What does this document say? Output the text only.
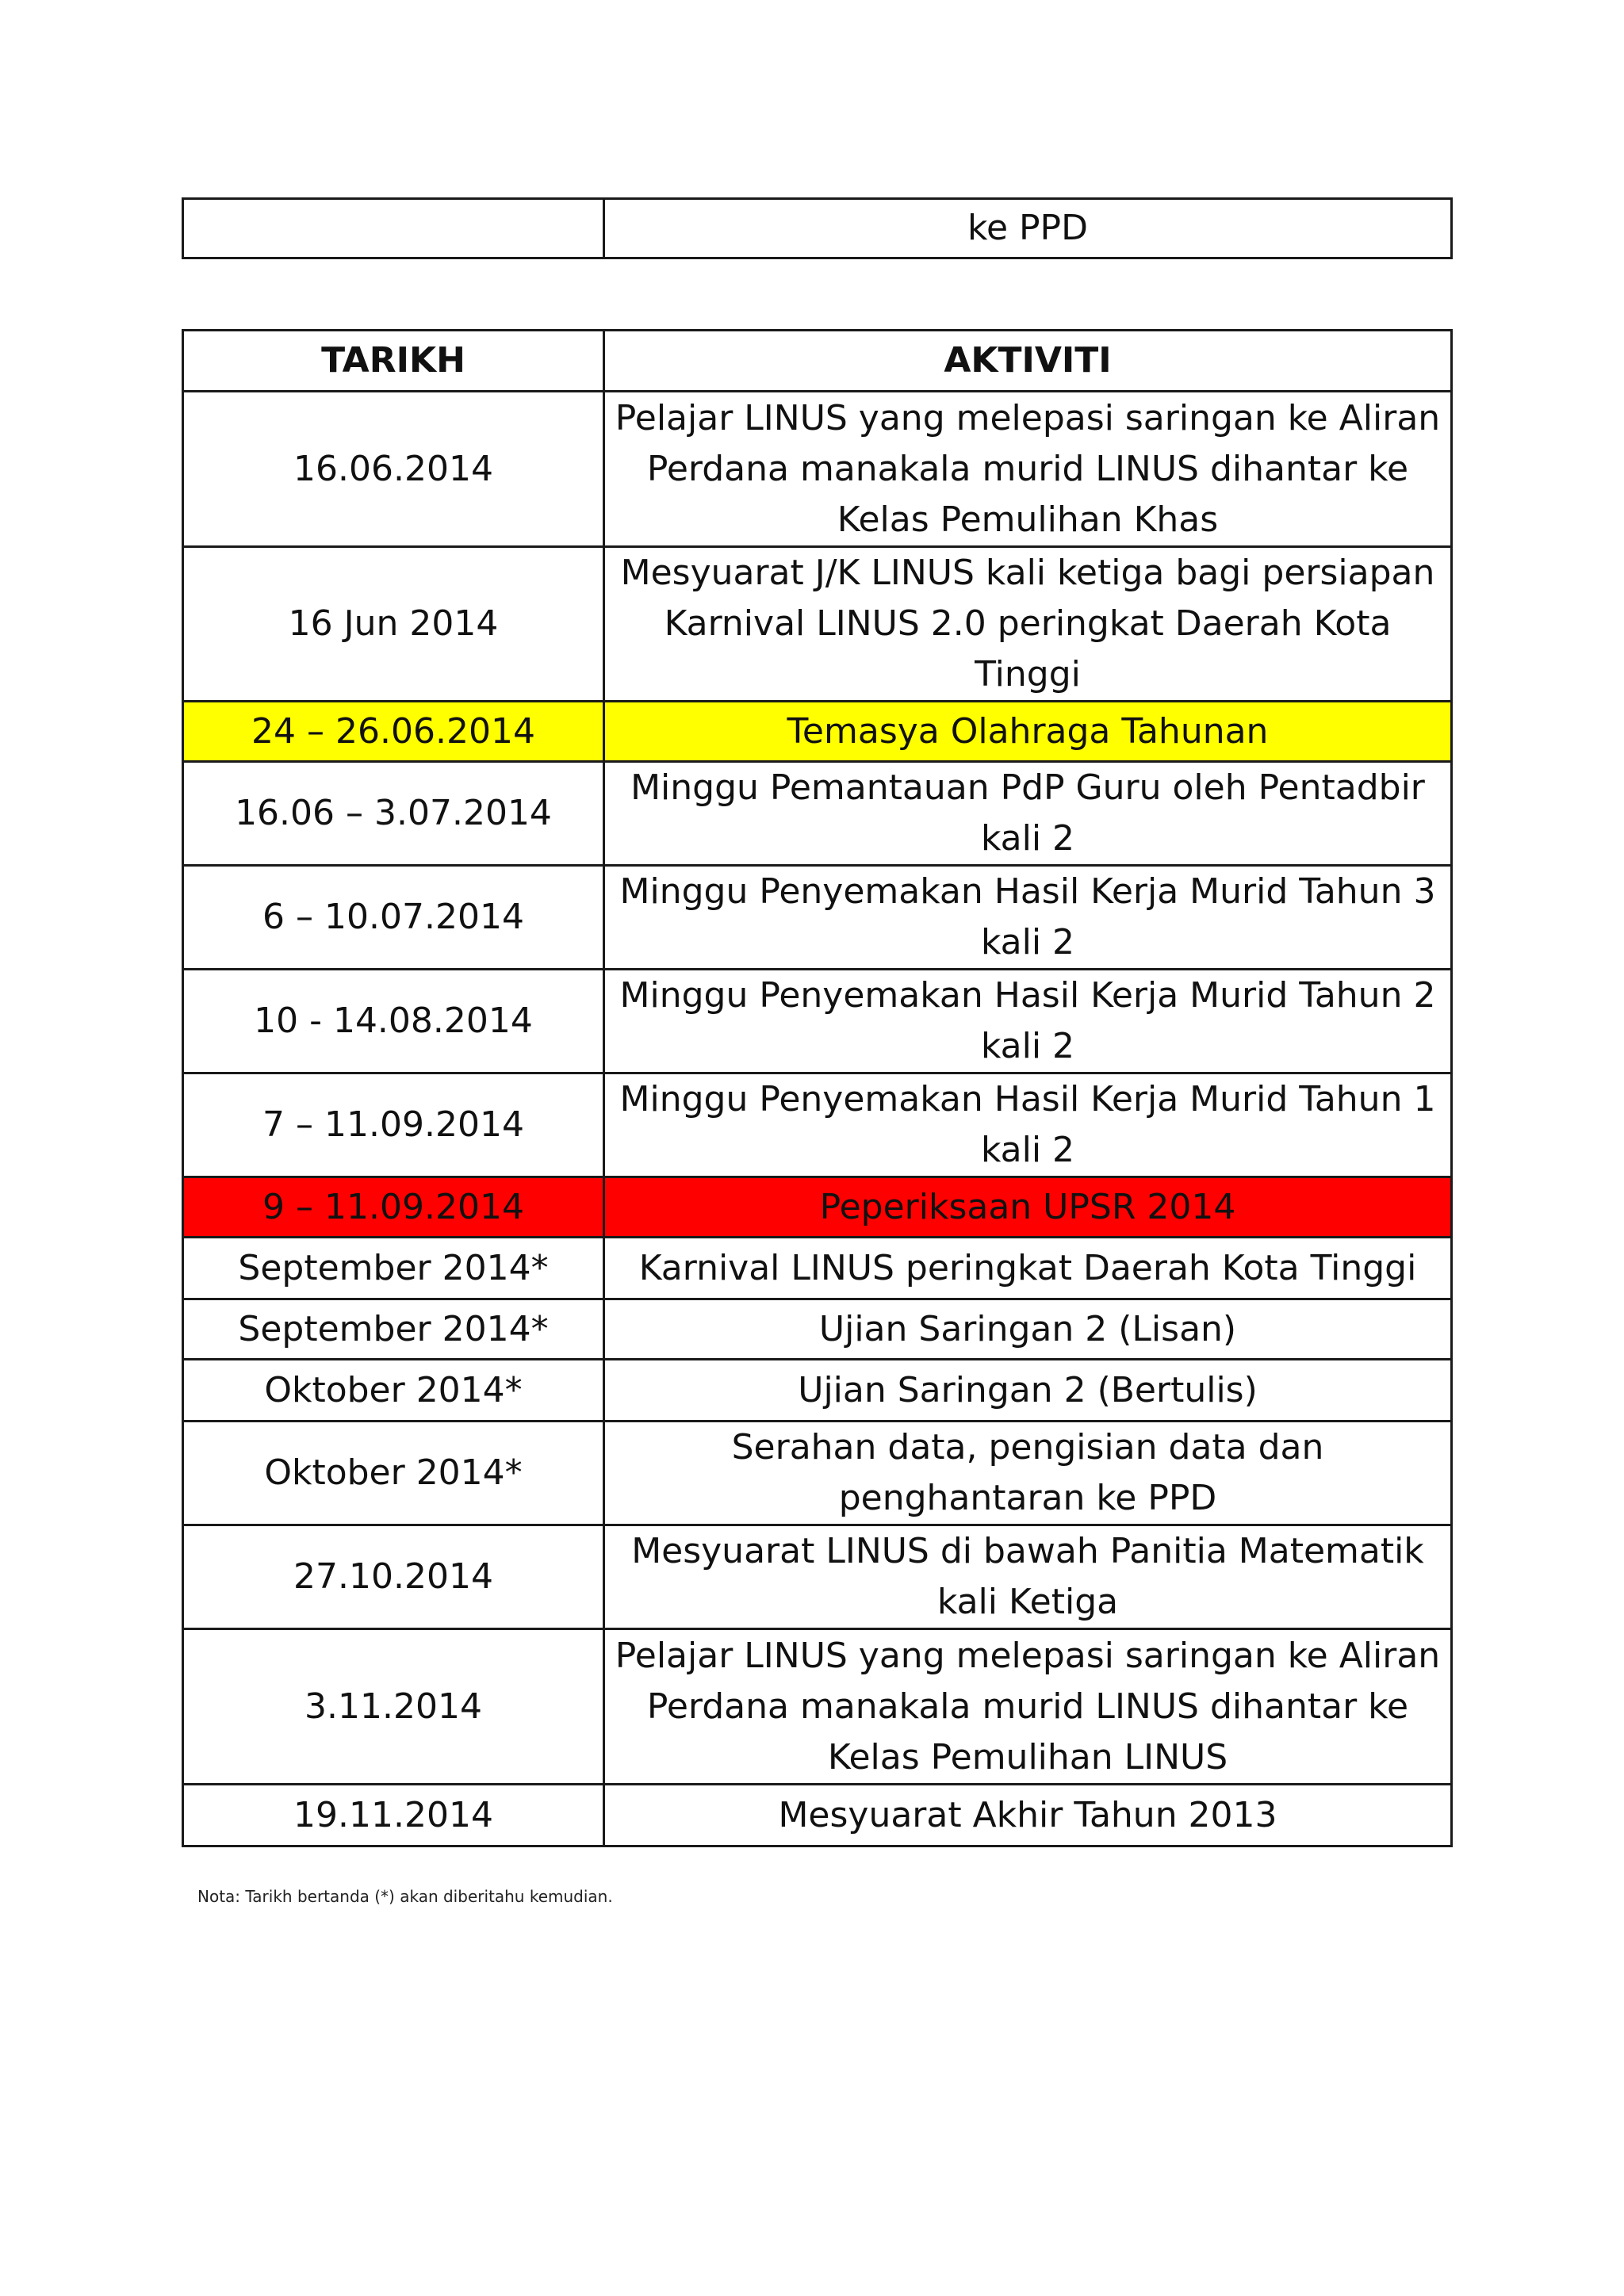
	ke PPD
TARIKH	AKTIVITI
16.06.2014	Pelajar LINUS yang melepasi saringan ke Aliran Perdana manakala murid LINUS dihantar ke Kelas Pemulihan Khas
16 Jun 2014	Mesyuarat J/K LINUS kali ketiga bagi persiapan Karnival LINUS 2.0 peringkat Daerah Kota Tinggi
24 – 26.06.2014	Temasya Olahraga Tahunan
16.06 – 3.07.2014	Minggu Pemantauan PdP Guru oleh Pentadbir kali 2
6 – 10.07.2014	Minggu Penyemakan Hasil Kerja Murid Tahun 3 kali 2
10 - 14.08.2014	Minggu Penyemakan Hasil Kerja Murid Tahun 2 kali 2
7 – 11.09.2014	Minggu Penyemakan Hasil Kerja Murid Tahun 1 kali 2
9 – 11.09.2014	Peperiksaan UPSR 2014
September 2014*	Karnival LINUS peringkat Daerah Kota Tinggi
September 2014*	Ujian Saringan 2 (Lisan)
Oktober 2014*	Ujian Saringan 2 (Bertulis)
Oktober 2014*	Serahan data, pengisian data dan penghantaran ke PPD
27.10.2014	Mesyuarat LINUS di bawah Panitia Matematik kali Ketiga
3.11.2014	Pelajar LINUS yang melepasi saringan ke Aliran Perdana manakala murid LINUS dihantar ke Kelas Pemulihan LINUS
19.11.2014	Mesyuarat Akhir Tahun 2013
Nota: Tarikh bertanda (*) akan diberitahu kemudian.
